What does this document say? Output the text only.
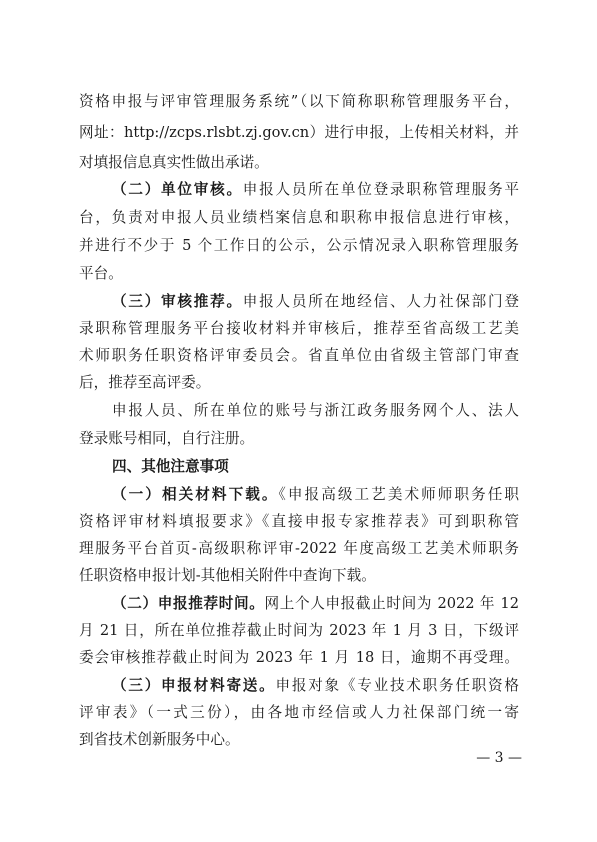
资格申报与评审管理服务系统”（以下简称职称管理服务平台，
网址：http://zcps.rlsbt.zj.gov.cn）进行申报，上传相关材料，并
对填报信息真实性做出承诺。
（二）单位审核。申报人员所在单位登录职称管理服务平
台，负责对申报人员业绩档案信息和职称申报信息进行审核，
并进行不少于 5 个工作日的公示，公示情况录入职称管理服务
平台。
（三）审核推荐。申报人员所在地经信、人力社保部门登
录职称管理服务平台接收材料并审核后，推荐至省高级工艺美
术师职务任职资格评审委员会。省直单位由省级主管部门审查
后，推荐至高评委。
申报人员、所在单位的账号与浙江政务服务网个人、法人
登录账号相同，自行注册。
四、其他注意事项
（一）相关材料下载。《申报高级工艺美术师师职务任职
资格评审材料填报要求》《直接申报专家推荐表》可到职称管
理服务平台首页-高级职称评审-2022 年度高级工艺美术师职务
任职资格申报计划-其他相关附件中查询下载。
（二）申报推荐时间。网上个人申报截止时间为 2022 年 12
月 21 日，所在单位推荐截止时间为 2023 年 1 月 3 日，下级评
委会审核推荐截止时间为 2023 年 1 月 18 日，逾期不再受理。
（三）申报材料寄送。申报对象《专业技术职务任职资格
评审表》（一式三份），由各地市经信或人力社保部门统一寄
到省技术创新服务中心。
— 3 —
